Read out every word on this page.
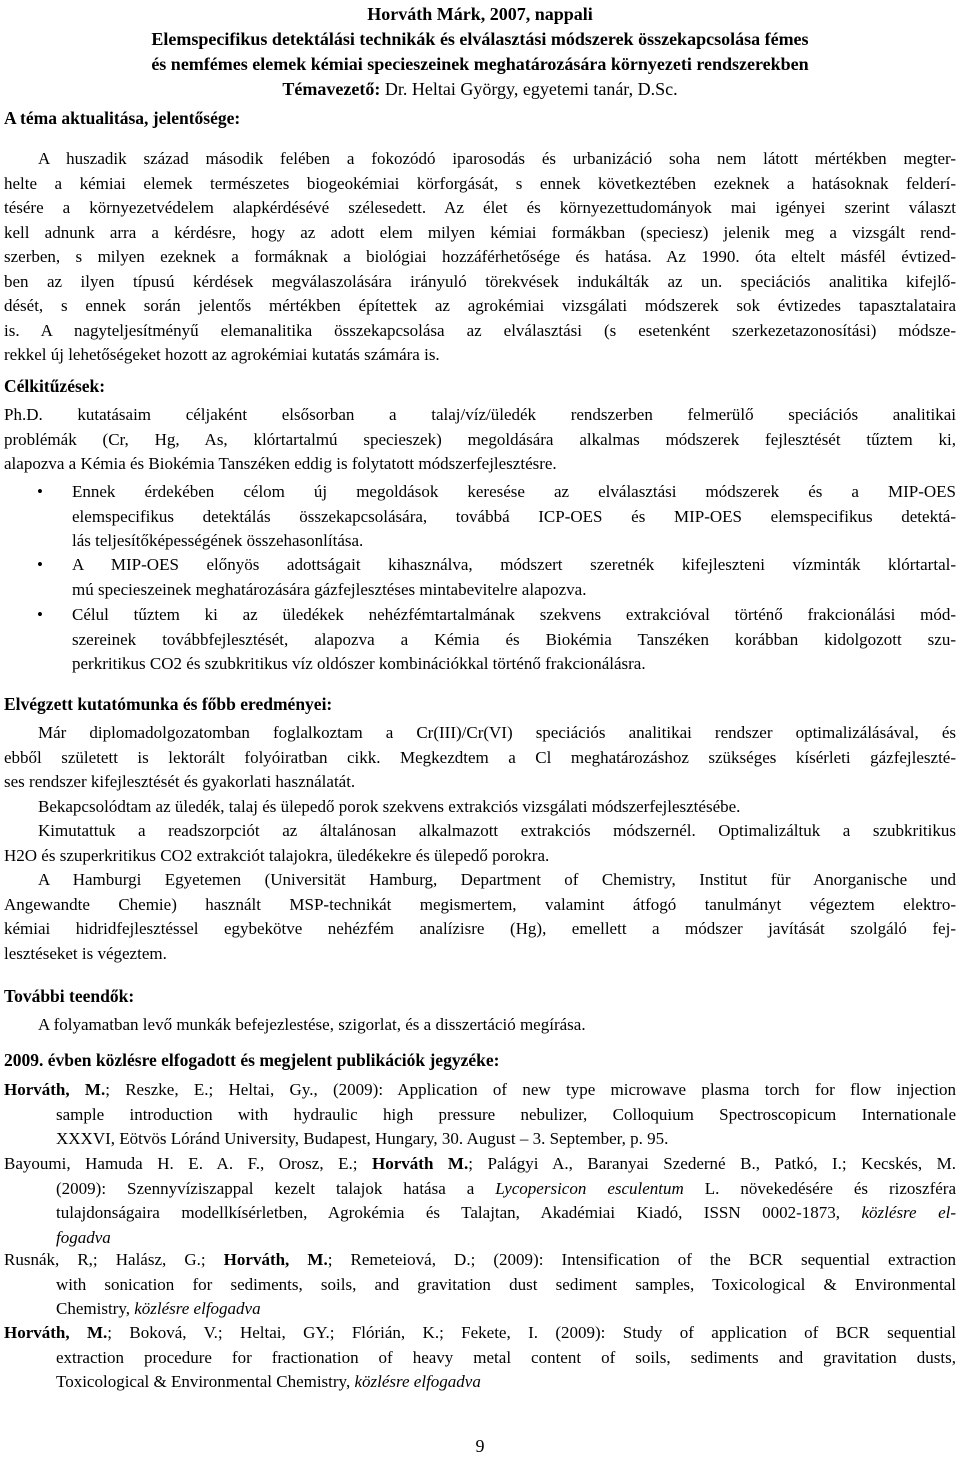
Horváth Márk, 2007, nappali
Elemspecifikus detektálási technikák és elválasztási módszerek összekapcsolása fémes
és nemfémes elemek kémiai specieszeinek meghatározására környezeti rendszerekben
Témavezető: Dr. Heltai György, egyetemi tanár, D.Sc.
A téma aktualitása, jelentősége:
A huszadik század második felében a fokozódó iparosodás és urbanizáció soha nem látott mértékben megter-
helte a kémiai elemek természetes biogeokémiai körforgását, s ennek következtében ezeknek a hatásoknak felderí-
tésére a környezetvédelem alapkérdésévé szélesedett. Az élet és környezettudományok mai igényei szerint választ
kell adnunk arra a kérdésre, hogy az adott elem milyen kémiai formákban (speciesz) jelenik meg a vizsgált rend-
szerben, s milyen ezeknek a formáknak a biológiai hozzáférhetősége és hatása. Az 1990. óta eltelt másfél évtized-
ben az ilyen típusú kérdések megválaszolására irányuló törekvések indukálták az un. speciációs analitika kifejlő-
dését, s ennek során jelentős mértékben építettek az agrokémiai vizsgálati módszerek sok évtizedes tapasztalataira
is. A nagyteljesítményű elemanalitika összekapcsolása az elválasztási (s esetenként szerkezetazonosítási) módsze-
rekkel új lehetőségeket hozott az agrokémiai kutatás számára is.
Célkitűzések:
Ph.D. kutatásaim céljaként elsősorban a talaj/víz/üledék rendszerben felmerülő speciációs analitikai
problémák (Cr, Hg, As, klórtartalmú specieszek) megoldására alkalmas módszerek fejlesztését tűztem ki,
alapozva a Kémia és Biokémia Tanszéken eddig is folytatott módszerfejlesztésre.
• Ennek érdekében célom új megoldások keresése az elválasztási módszerek és a MIP-OES
elemspecifikus detektálás összekapcsolására, továbbá ICP-OES és MIP-OES elemspecifikus detektá-
lás teljesítőképességének összehasonlítása.
• A MIP-OES előnyös adottságait kihasználva, módszert szeretnék kifejleszteni vízminták klórtartal-
mú specieszeinek meghatározására gázfejlesztéses mintabevitelre alapozva.
• Célul tűztem ki az üledékek nehézfémtartalmának szekvens extrakcióval történő frakcionálási mód-
szereinek továbbfejlesztését, alapozva a Kémia és Biokémia Tanszéken korábban kidolgozott szu-
perkritikus CO2 és szubkritikus víz oldószer kombinációkkal történő frakcionálásra.
Elvégzett kutatómunka és főbb eredményei:
Már diplomadolgozatomban foglalkoztam a Cr(III)/Cr(VI) speciációs analitikai rendszer optimalizálásával, és
ebből született is lektorált folyóiratban cikk. Megkezdtem a Cl meghatározáshoz szükséges kísérleti gázfejleszté-
ses rendszer kifejlesztését és gyakorlati használatát.
Bekapcsolódtam az üledék, talaj és ülepedő porok szekvens extrakciós vizsgálati módszerfejlesztésébe.
Kimutattuk a readszorpciót az általánosan alkalmazott extrakciós módszernél. Optimalizáltuk a szubkritikus
H2O és szuperkritikus CO2 extrakciót talajokra, üledékekre és ülepedő porokra.
A Hamburgi Egyetemen (Universität Hamburg, Department of Chemistry, Institut für Anorganische und
Angewandte Chemie) használt MSP-technikát megismertem, valamint átfogó tanulmányt végeztem elektro-
kémiai hidridfejlesztéssel egybekötve nehézfém analízisre (Hg), emellett a módszer javítását szolgáló fej-
lesztéseket is végeztem.
További teendők:
A folyamatban levő munkák befejezlestése, szigorlat, és a disszertáció megírása.
2009. évben közlésre elfogadott és megjelent publikációk jegyzéke:
Horváth, M.; Reszke, E.; Heltai, Gy., (2009): Application of new type microwave plasma torch for flow injection
sample introduction with hydraulic high pressure nebulizer, Colloquium Spectroscopicum Internationale
XXXVI, Eötvös Lóránd University, Budapest, Hungary, 30. August – 3. September, p. 95.
Bayoumi, Hamuda H. E. A. F., Orosz, E.; Horváth M.; Palágyi A., Baranyai Szederné B., Patkó, I.; Kecskés, M.
(2009): Szennyvíziszappal kezelt talajok hatása a Lycopersicon esculentum L. növekedésére és rizoszféra
tulajdonságaira modellkísérletben, Agrokémia és Talajtan, Akadémiai Kiadó, ISSN 0002-1873, közlésre el-
fogadva
Rusnák, R,; Halász, G.; Horváth, M.; Remeteiová, D.; (2009): Intensification of the BCR sequential extraction
with sonication for sediments, soils, and gravitation dust sediment samples, Toxicological & Environmental
Chemistry, közlésre elfogadva
Horváth, M.; Boková, V.; Heltai, GY.; Flórián, K.; Fekete, I. (2009): Study of application of BCR sequential
extraction procedure for fractionation of heavy metal content of soils, sediments and gravitation dusts,
Toxicological & Environmental Chemistry, közlésre elfogadva
9
